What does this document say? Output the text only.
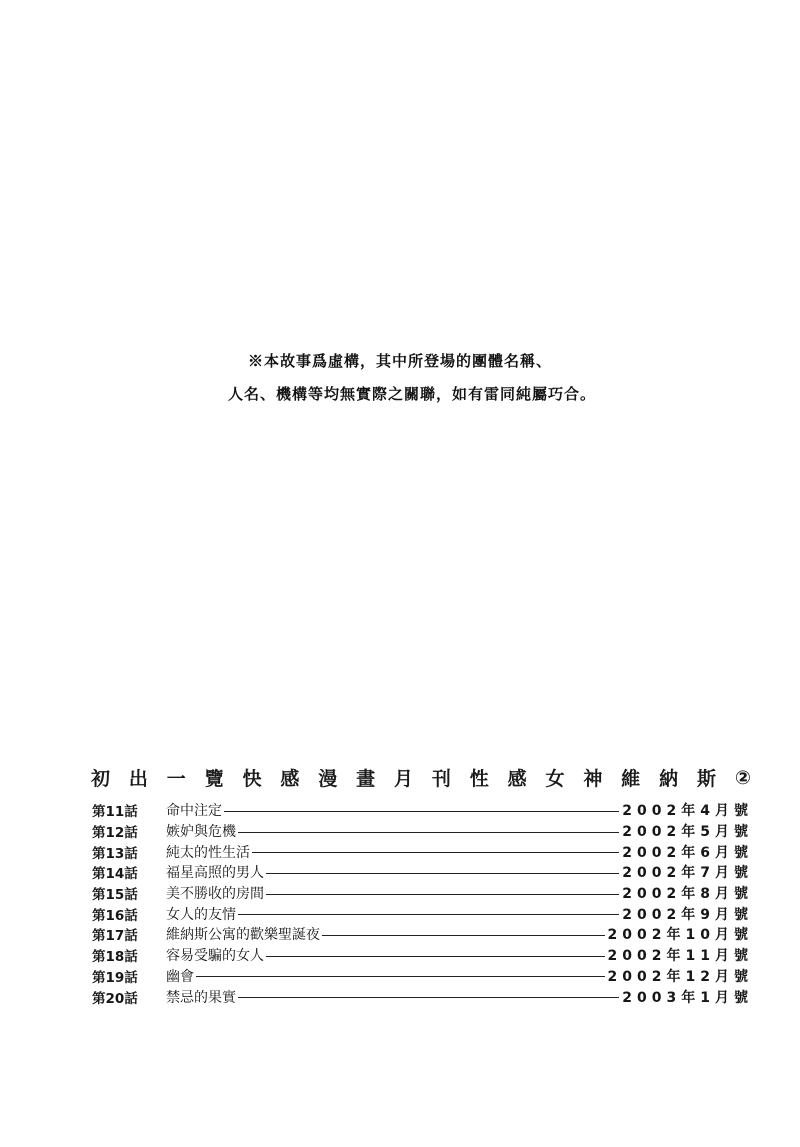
※本故事爲虛構，其中所登場的團體名稱、
人名、機構等均無實際之關聯，如有雷同純屬巧合。
初 出 一 覽 快 感 漫 畫 月 刊 性 感 女 神 維 納 斯 ②
第11話	命中注定	2002年4月號
第12話	嫉妒與危機	2002年5月號
第13話	純太的性生活	2002年6月號
第14話	福星高照的男人	2002年7月號
第15話	美不勝收的房間	2002年8月號
第16話	女人的友情	2002年9月號
第17話	維納斯公寓的歡樂聖誕夜	2002年10月號
第18話	容易受騙的女人	2002年11月號
第19話	幽會	2002年12月號
第20話	禁忌的果實	2003年1月號
